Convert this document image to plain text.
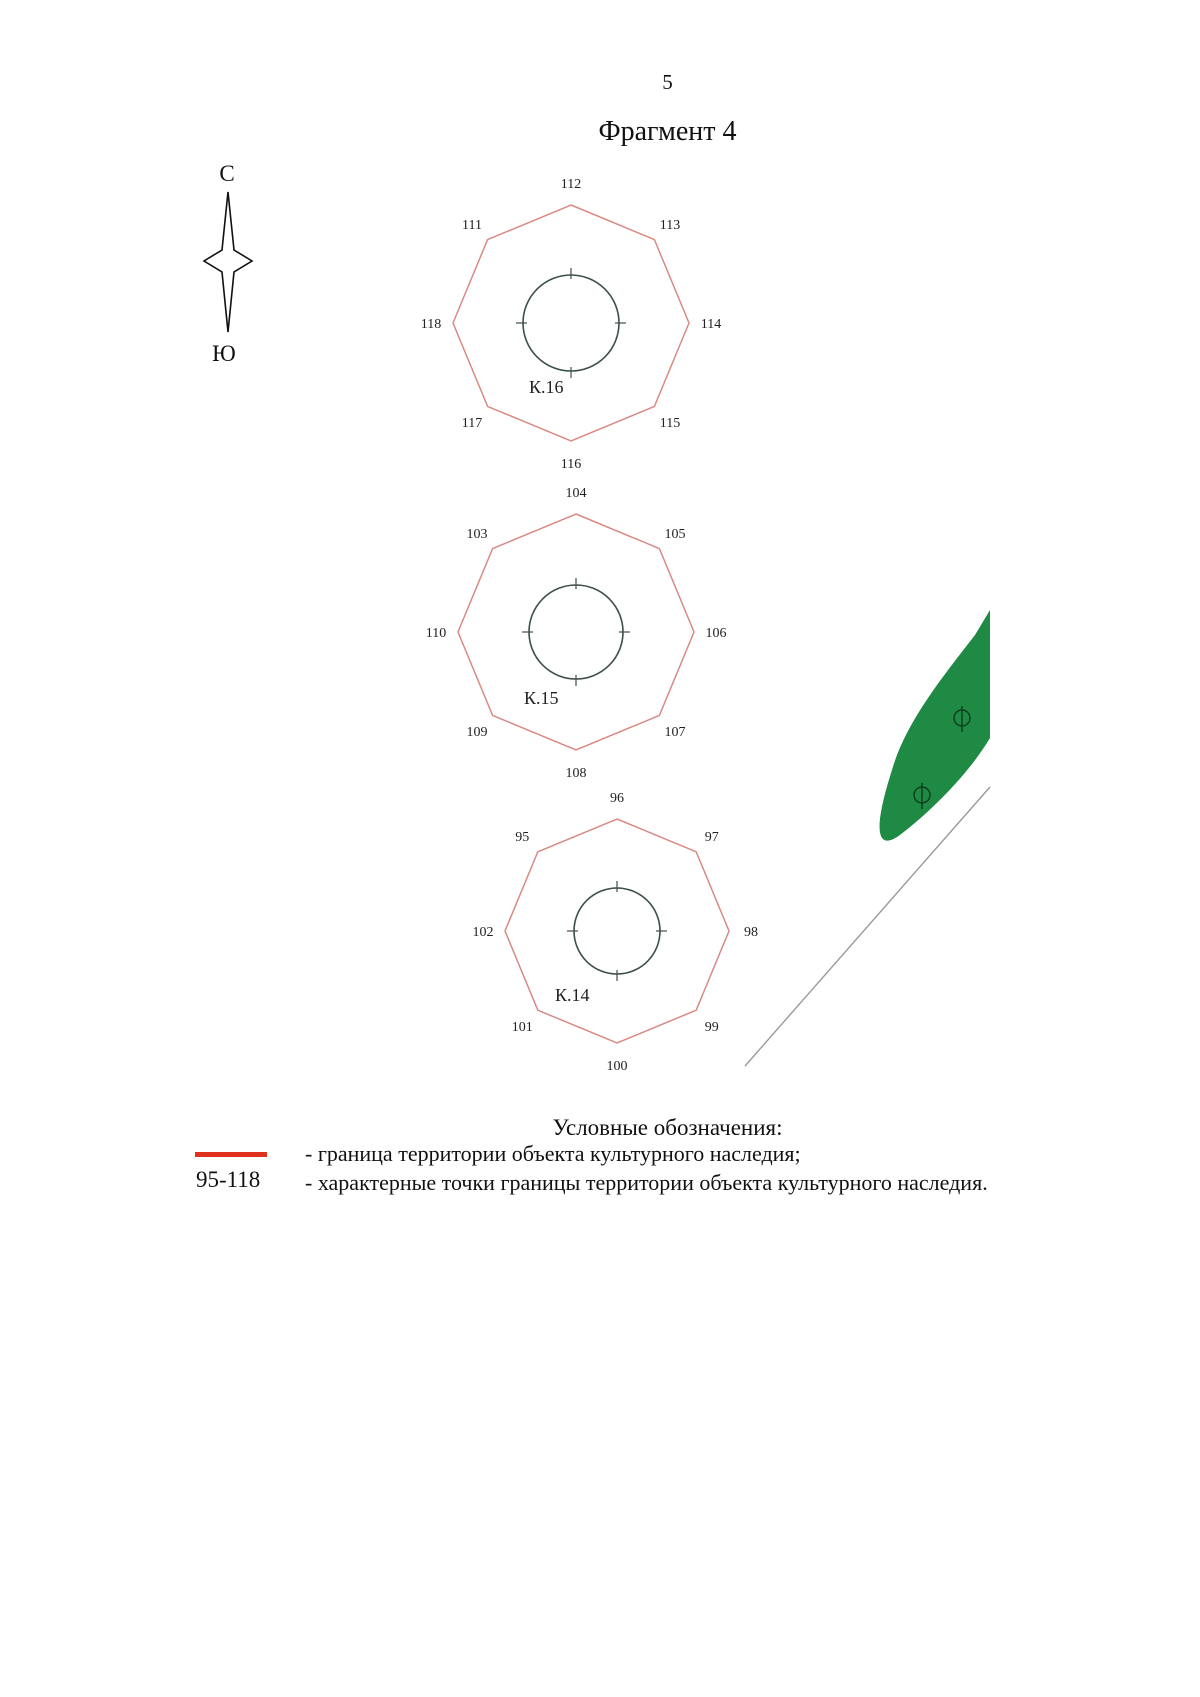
5
Фрагмент 4
С
Ю
К.16
112
113
114
115
116
117
118
111
К.15
104
105
106
107
108
109
110
103
К.14
96
97
98
99
100
101
102
95
Условные обозначения:
95-118
- граница территории объекта культурного наследия;
- характерные точки границы территории объекта культурного наследия.
